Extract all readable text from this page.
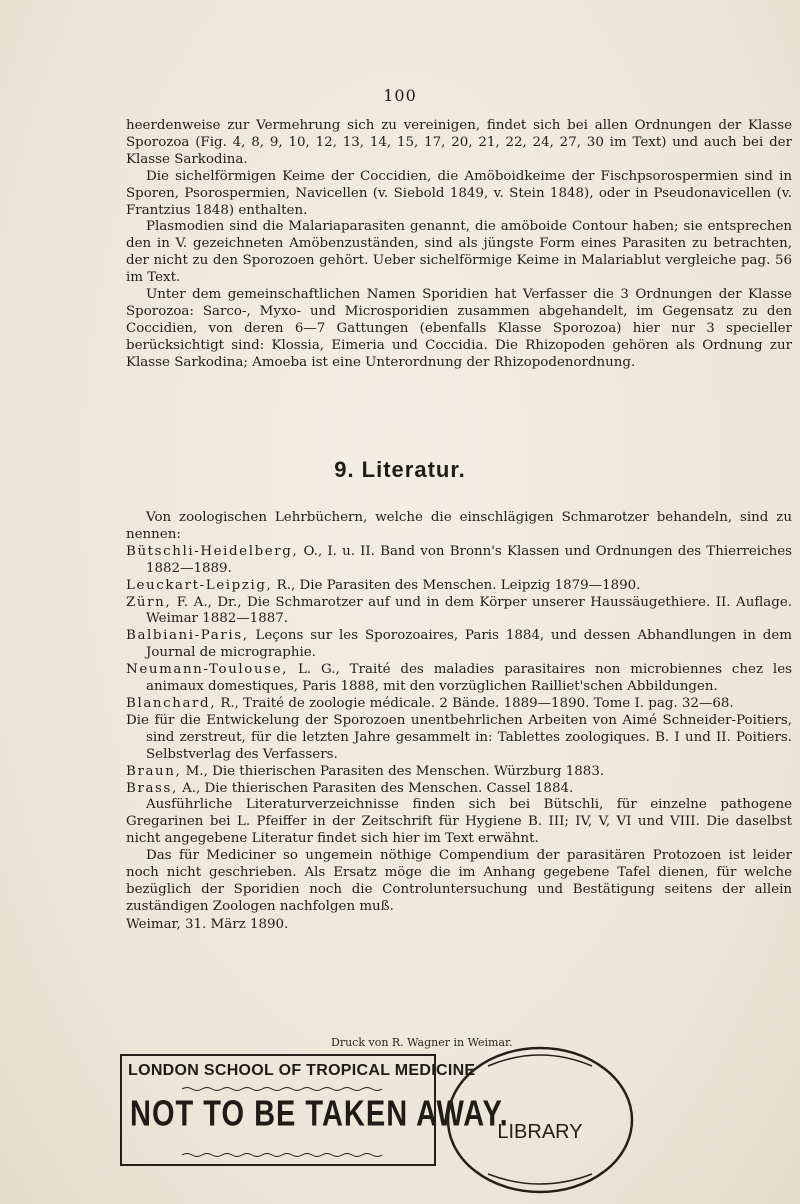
100

heerdenweise zur Vermehrung sich zu vereinigen, findet sich bei allen Ordnungen der Klasse Sporozoa (Fig. 4, 8, 9, 10, 12, 13, 14, 15, 17, 20, 21, 22, 24, 27, 30 im Text) und auch bei der Klasse Sarkodina.

Die sichelförmigen Keime der Coccidien, die Amöboidkeime der Fischpsorospermien sind in Sporen, Psorospermien, Navicellen (v. Siebold 1849, v. Stein 1848), oder in Pseudonavicellen (v. Frantzius 1848) enthalten.

Plasmodien sind die Malariaparasiten genannt, die amöboide Contour haben; sie entsprechen den in V. gezeichneten Amöbenzuständen, sind als jüngste Form eines Parasiten zu betrachten, der nicht zu den Sporozoen gehört. Ueber sichelförmige Keime in Malariablut vergleiche pag. 56 im Text.

Unter dem gemeinschaftlichen Namen Sporidien hat Verfasser die 3 Ordnungen der Klasse Sporozoa: Sarco-, Myxo- und Microsporidien zusammen abgehandelt, im Gegensatz zu den Coccidien, von deren 6—7 Gattungen (ebenfalls Klasse Sporozoa) hier nur 3 specieller berücksichtigt sind: Klossia, Eimeria und Coccidia. Die Rhizopoden gehören als Ordnung zur Klasse Sarkodina; Amoeba ist eine Unterordnung der Rhizopodenordnung.

9. Literatur.

Von zoologischen Lehrbüchern, welche die einschlägigen Schmarotzer behandeln, sind zu nennen:

Bütschli-Heidelberg, O., I. u. II. Band von Bronn's Klassen und Ordnungen des Thierreiches 1882—1889.

Leuckart-Leipzig, R., Die Parasiten des Menschen. Leipzig 1879—1890.

Zürn, F. A., Dr., Die Schmarotzer auf und in dem Körper unserer Haussäugethiere. II. Auflage. Weimar 1882—1887.

Balbiani-Paris, Leçons sur les Sporozoaires, Paris 1884, und dessen Abhandlungen in dem Journal de micrographie.

Neumann-Toulouse, L. G., Traité des maladies parasitaires non microbiennes chez les animaux domestiques, Paris 1888, mit den vorzüglichen Railliet'schen Abbildungen.

Blanchard, R., Traité de zoologie médicale. 2 Bände. 1889—1890. Tome I. pag. 32—68.

Die für die Entwickelung der Sporozoen unentbehrlichen Arbeiten von Aimé Schneider-Poitiers, sind zerstreut, für die letzten Jahre gesammelt in: Tablettes zoologiques. B. I und II. Poitiers. Selbstverlag des Verfassers.

Braun, M., Die thierischen Parasiten des Menschen. Würzburg 1883.

Brass, A., Die thierischen Parasiten des Menschen. Cassel 1884.

Ausführliche Literaturverzeichnisse finden sich bei Bütschli, für einzelne pathogene Gregarinen bei L. Pfeiffer in der Zeitschrift für Hygiene B. III; IV, V, VI und VIII. Die daselbst nicht angegebene Literatur findet sich hier im Text erwähnt.

Das für Mediciner so ungemein nöthige Compendium der parasitären Protozoen ist leider noch nicht geschrieben. Als Ersatz möge die im Anhang gegebene Tafel dienen, für welche bezüglich der Sporidien noch die Controluntersuchung und Bestätigung seitens der allein zuständigen Zoologen nachfolgen muß.

Weimar, 31. März 1890.

Druck von R. Wagner in Weimar.
LONDON SCHOOL OF TROPICAL MEDICINE
NOT TO BE TAKEN AWAY.
LIBRARY
